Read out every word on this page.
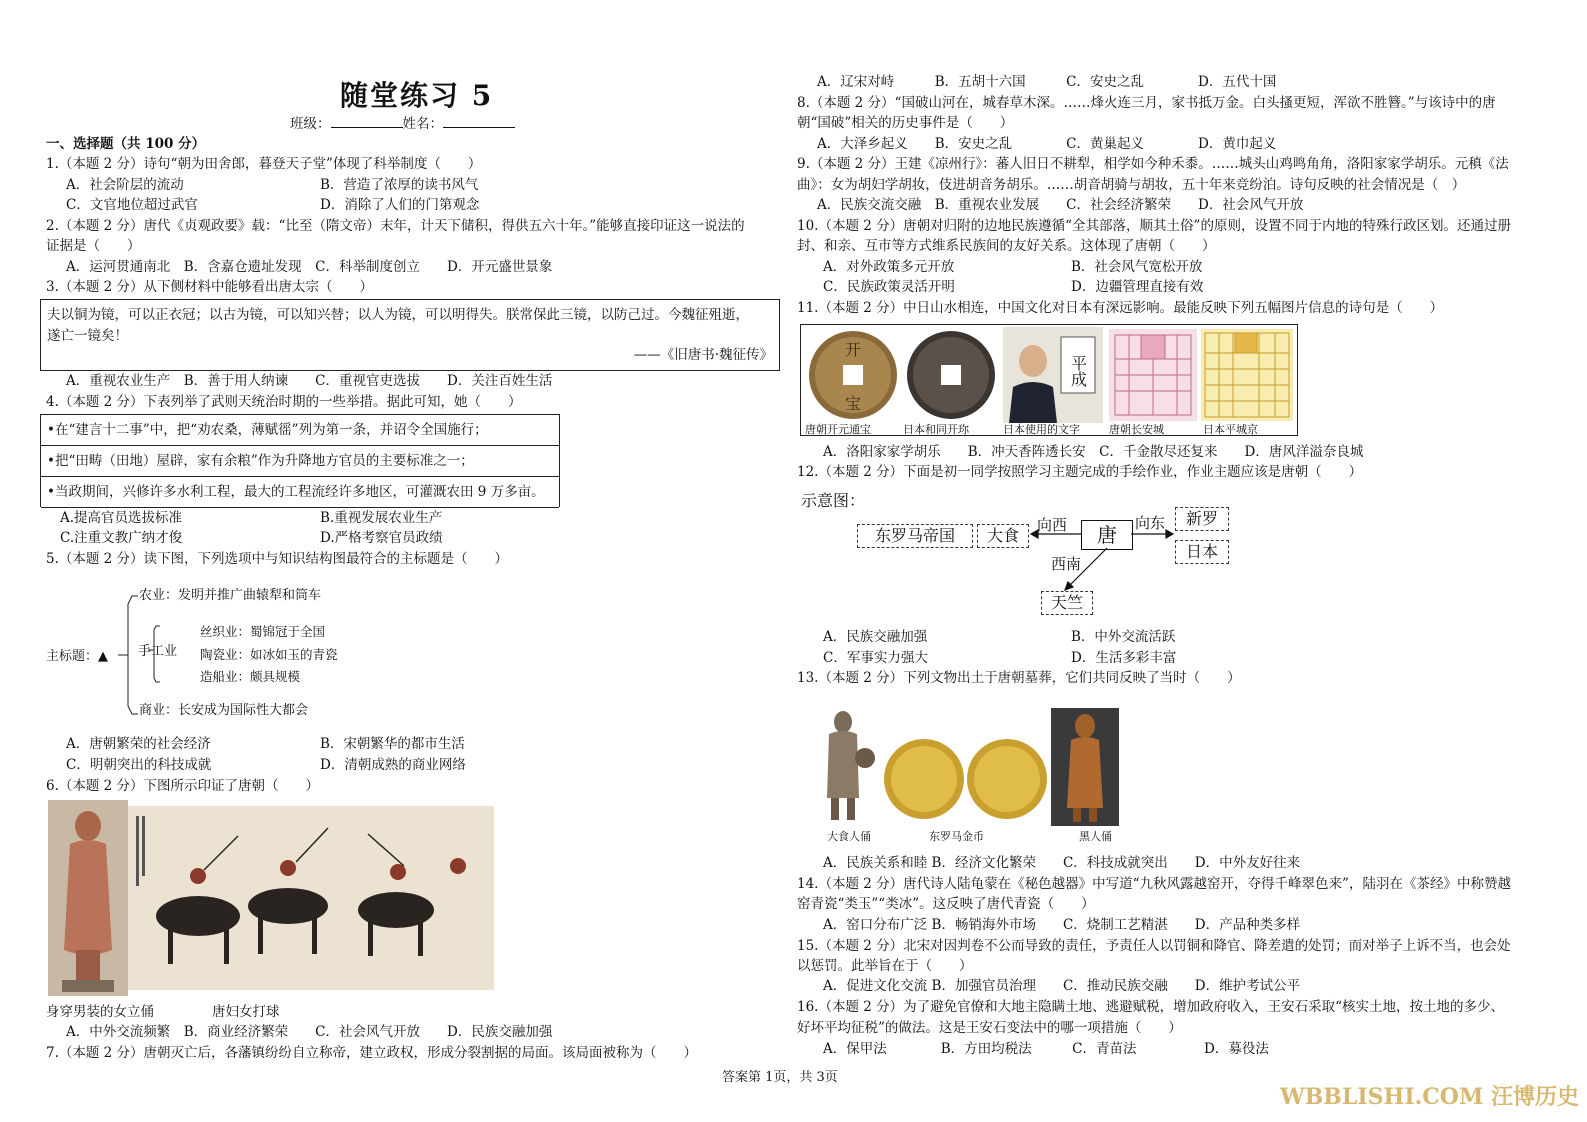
随堂练习 5
班级：	姓名：
一、选择题（共 100 分）
1.（本题 2 分）诗句“朝为田舍郎，暮登天子堂”体现了科举制度（　　）
A．社会阶层的流动	B．营造了浓厚的读书风气
C．文官地位超过武官	D．消除了人们的门第观念
2.（本题 2 分）唐代《贞观政要》载：“比至（隋文帝）末年，计天下储积，得供五六十年。”能够直接印证这一说法的
证据是（　　）
A．运河贯通南北　B．含嘉仓遗址发现　C．科举制度创立　　D．开元盛世景象
3.（本题 2 分）从下侧材料中能够看出唐太宗（　　）
夫以铜为镜，可以正衣冠；以古为镜，可以知兴替；以人为镜，可以明得失。朕常保此三镜，以防己过。今魏征殂逝，
遂亡一镜矣！
——《旧唐书·魏征传》
A．重视农业生产　B．善于用人纳谏　　C．重视官吏选拔　　D．关注百姓生活
4.（本题 2 分）下表列举了武则天统治时期的一些举措。据此可知，她（　　）
•在“建言十二事”中，把“劝农桑，薄赋徭”列为第一条，并诏令全国施行；
•把“田畴（田地）屋辟，家有余粮”作为升降地方官员的主要标准之一；
•当政期间，兴修许多水利工程，最大的工程流经许多地区，可灌溉农田 9 万多亩。
A.提高官员选拔标准	B.重视发展农业生产
C.注重文教广纳才俊	D.严格考察官员政绩
5.（本题 2 分）读下图，下列选项中与知识结构图最符合的主标题是（　　）
主标题：▲
农业：发明并推广曲辕犁和筒车
手工业
丝织业：蜀锦冠于全国
陶瓷业：如冰如玉的青瓷
造船业：颇具规模
商业：长安成为国际性大都会
A．唐朝繁荣的社会经济	B．宋朝繁华的都市生活
C．明朝突出的科技成就	D．清朝成熟的商业网络
6.（本题 2 分）下图所示印证了唐朝（　　）
身穿男装的女立俑	唐妇女打球
A．中外交流频繁　B．商业经济繁荣　　C．社会风气开放　　D．民族交融加强
7.（本题 2 分）唐朝灭亡后，各藩镇纷纷自立称帝，建立政权，形成分裂割据的局面。该局面被称为（　　）
A．辽宋对峙　　　B．五胡十六国　　　C．安史之乱　　　　D．五代十国
8.（本题 2 分）“国破山河在，城春草木深。……烽火连三月，家书抵万金。白头搔更短，浑欲不胜簪。”与该诗中的唐
朝“国破”相关的历史事件是（　　）
A．大泽乡起义　　B．安史之乱　　　　C．黄巢起义　　　　D．黄巾起义
9.（本题 2 分）王建《凉州行》：蕃人旧日不耕犁，相学如今种禾黍。……城头山鸡鸣角角，洛阳家家学胡乐。元稹《法
曲》：女为胡妇学胡妆，伎进胡音务胡乐。……胡音胡骑与胡妆，五十年来竞纷泊。诗句反映的社会情况是（　）
A．民族交流交融　B．重视农业发展　　C．社会经济繁荣　　D．社会风气开放
10.（本题 2 分）唐朝对归附的边地民族遵循“全其部落，顺其土俗”的原则，设置不同于内地的特殊行政区划。还通过册
封、和亲、互市等方式维系民族间的友好关系。这体现了唐朝（　　）
A．对外政策多元开放	B．社会风气宽松开放
C．民族政策灵活开明	D．边疆管理直接有效
11.（本题 2 分）中日山水相连，中国文化对日本有深远影响。最能反映下列五幅图片信息的诗句是（　　）
开
宝
平成
唐朝开元通宝	日本和同开珎	日本使用的文字	唐朝长安城	日本平城京
A．洛阳家家学胡乐　　B．冲天香阵透长安　C．千金散尽还复来　　D．唐风洋溢奈良城
12.（本题 2 分）下面是初一同学按照学习主题完成的手绘作业，作业主题应该是唐朝（　　）
示意图：
东罗马帝国	大食	唐
新罗
日本
天竺
向西	向东
西南
A．民族交融加强	B．中外交流活跃
C．军事实力强大	D．生活多彩丰富
13.（本题 2 分）下列文物出土于唐朝墓葬，它们共同反映了当时（　　）
大食人俑	东罗马金币	黑人俑
A．民族关系和睦 B．经济文化繁荣　　C．科技成就突出　　D．中外友好往来
14.（本题 2 分）唐代诗人陆龟蒙在《秘色越器》中写道“九秋风露越窑开，夺得千峰翠色来”，陆羽在《茶经》中称赞越
窑青瓷“类玉”“类冰”。这反映了唐代青瓷（　　）
A．窑口分布广泛 B．畅销海外市场　　C．烧制工艺精湛　　D．产品种类多样
15.（本题 2 分）北宋对因判卷不公而导致的责任，予责任人以罚铜和降官、降差遣的处罚；而对举子上诉不当，也会处
以惩罚。此举旨在于（　　）
A．促进文化交流 B．加强官员治理　　C．推动民族交融　　D．维护考试公平
16.（本题 2 分）为了避免官僚和大地主隐瞒土地、逃避赋税，增加政府收入，王安石采取“核实土地，按土地的多少、
好坏平均征税”的做法。这是王安石变法中的哪一项措施（　　）
A．保甲法　　　　B．方田均税法　　　C．青苗法　　　　　D．募役法
答案第 1页，共 3页
WBBLISHI.COM 汪博历史
